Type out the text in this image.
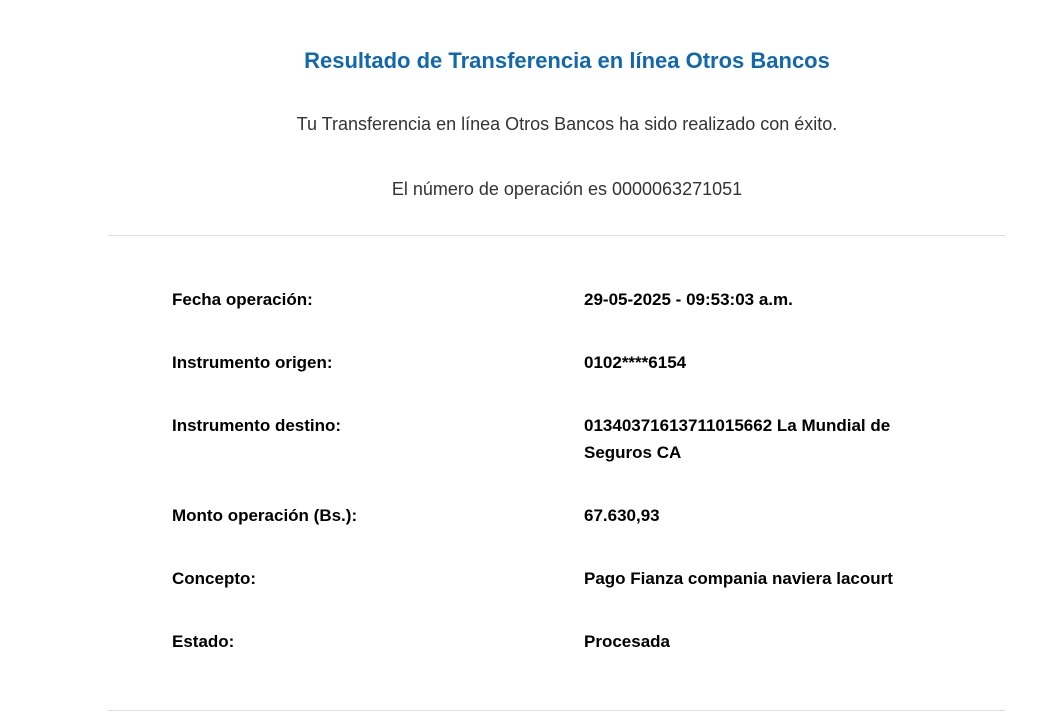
Resultado de Transferencia en línea Otros Bancos

Tu Transferencia en línea Otros Bancos ha sido realizado con éxito.

El número de operación es 0000063271051

Fecha operación:	29-05-2025 - 09:53:03 a.m.
Instrumento origen:	0102****6154
Instrumento destino:	01340371613711015662 La Mundial de Seguros CA
Monto operación (Bs.):	67.630,93
Concepto:	Pago Fianza compania naviera lacourt
Estado:	Procesada
